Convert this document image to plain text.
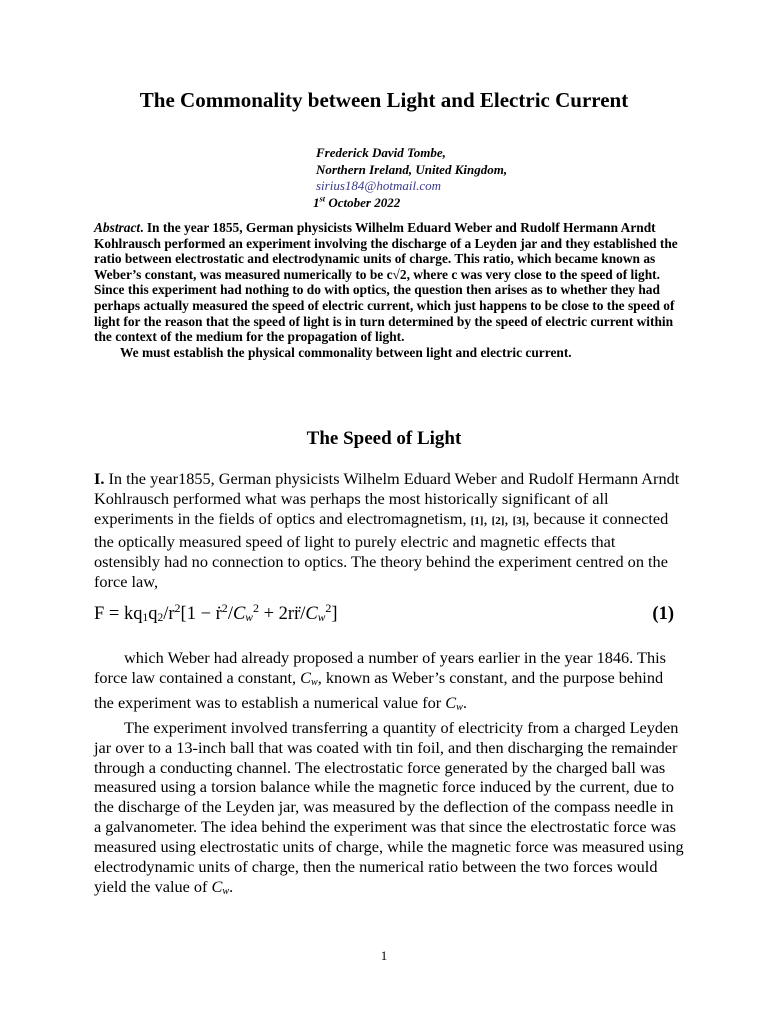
The Commonality between Light and Electric Current
Frederick David Tombe,
Northern Ireland, United Kingdom,
sirius184@hotmail.com
1st October 2022

Abstract. In the year 1855, German physicists Wilhelm Eduard Weber and Rudolf Hermann Arndt Kohlrausch performed an experiment involving the discharge of a Leyden jar and they established the ratio between electrostatic and electrodynamic units of charge. This ratio, which became known as Weber’s constant, was measured numerically to be c√2, where c was very close to the speed of light. Since this experiment had nothing to do with optics, the question then arises as to whether they had perhaps actually measured the speed of electric current, which just happens to be close to the speed of light for the reason that the speed of light is in turn determined by the speed of electric current within the context of the medium for the propagation of light.

We must establish the physical commonality between light and electric current.

The Speed of Light

I. In the year1855, German physicists Wilhelm Eduard Weber and Rudolf Hermann Arndt Kohlrausch performed what was perhaps the most historically significant of all experiments in the fields of optics and electromagnetism, [1], [2], [3], because it connected the optically measured speed of light to purely electric and magnetic effects that ostensibly had no connection to optics. The theory behind the experiment centred on the force law,

$F = kq_1q_2/r^2[1$ − $ṙ^2/C_w^2$ + $2rr̈/C_w^2$]	(1)

which Weber had already proposed a number of years earlier in the year 1846. This force law contained a constant, $C_w$, known as Weber’s constant, and the purpose behind the experiment was to establish a numerical value for $C_w$.

The experiment involved transferring a quantity of electricity from a charged Leyden jar over to a 13-inch ball that was coated with tin foil, and then discharging the remainder through a conducting channel. The electrostatic force generated by the charged ball was measured using a torsion balance while the magnetic force induced by the current, due to the discharge of the Leyden jar, was measured by the deflection of the compass needle in a galvanometer. The idea behind the experiment was that since the electrostatic force was measured using electrostatic units of charge, while the magnetic force was measured using electrodynamic units of charge, then the numerical ratio between the two forces would yield the value of $C_w$.

1
